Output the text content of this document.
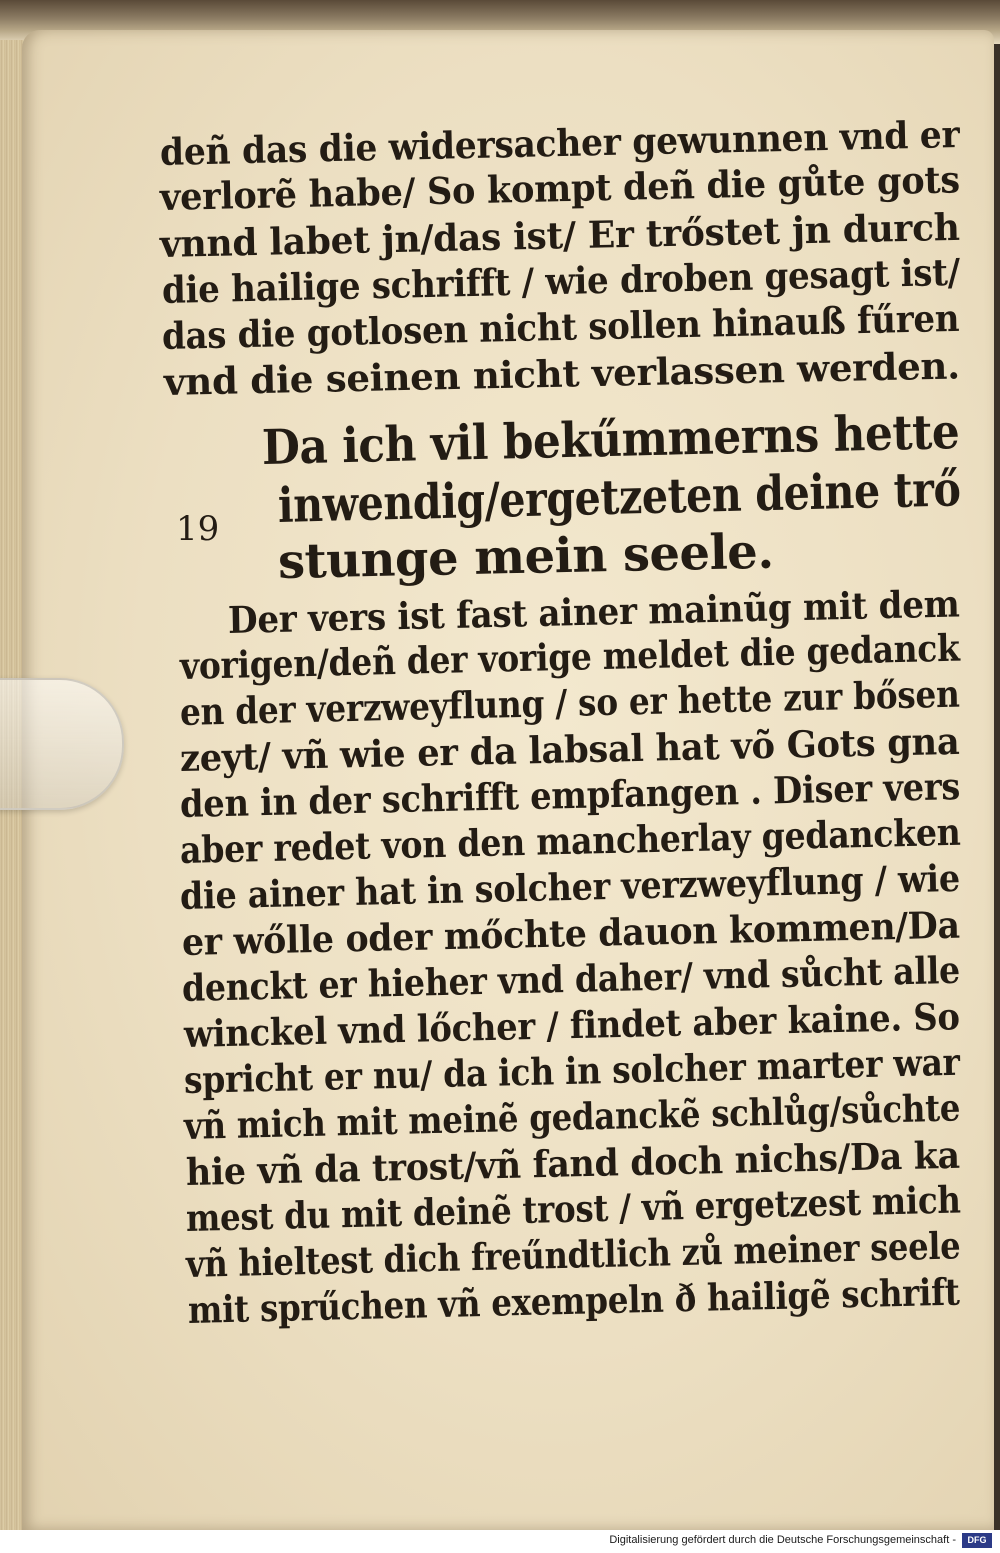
deñ das die widersacher gewunnen vnd er
verlorẽ habe/ So kompt deñ die gůte gots
vnnd labet jn/das ist/ Er trőstet jn durch
die hailige schrifft / wie droben gesagt ist/
das die gotlosen nicht sollen hinauß fűren
vnd die seinen nicht verlassen werden.
19
Da ich vil bekűmmerns hette
inwendig/ergetzeten deine trő
stunge mein seele.
Der vers ist fast ainer mainũg mit dem
vorigen/deñ der vorige meldet die gedanck
en der verzweyflung / so er hette zur bősen
zeyt/ vñ wie er da labsal hat võ Gots gna
den in der schrifft empfangen . Diser vers
aber redet von den mancherlay gedancken
die ainer hat in solcher verzweyflung / wie
er wőlle oder mőchte dauon kommen/Da
denckt er hieher vnd daher/ vnd sůcht alle
winckel vnd lőcher / findet aber kaine. So
spricht er nu/ da ich in solcher marter war
vñ mich mit meinẽ gedanckẽ schlůg/sůchte
hie vñ da trost/vñ fand doch nichs/Da ka
mest du mit deinẽ trost / vñ ergetzest mich
vñ hieltest dich freűndtlich zů meiner seele
mit sprűchen vñ exempeln ð hailigẽ schrift
Digitalisierung gefördert durch die Deutsche Forschungsgemeinschaft -	DFG
